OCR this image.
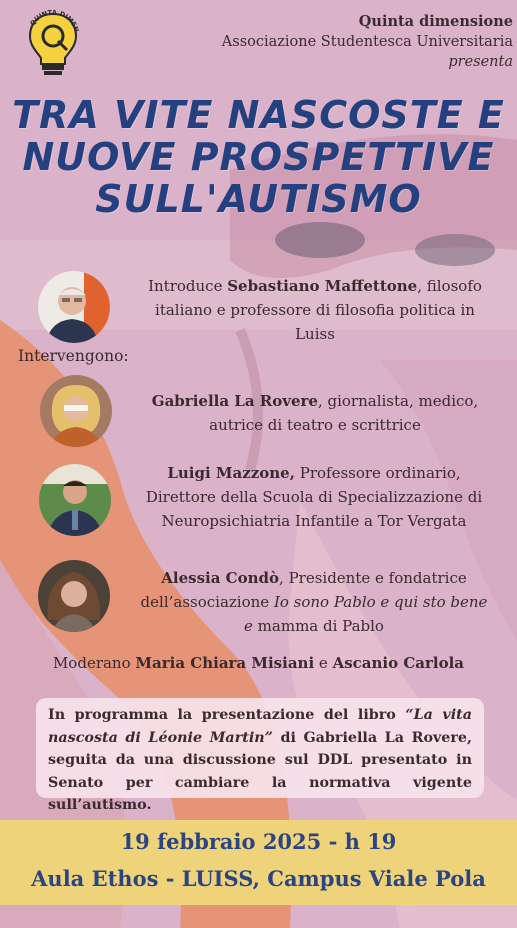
QUINTA DIMEN	Quinta dimensione
Associazione Studentesca Universitaria
presenta
TRA VITE NASCOSTE E
NUOVE PROSPETTIVE
SULL'AUTISMO
Introduce Sebastiano Maffettone, filosofo italiano e professore di filosofia politica in Luiss
Intervengono:
Gabriella La Rovere, giornalista, medico, autrice di teatro e scrittrice
Luigi Mazzone, Professore ordinario, Direttore della Scuola di Specializzazione di Neuropsichiatria Infantile a Tor Vergata
Alessia Condò, Presidente e fondatrice dell’associazione Io sono Pablo e qui sto bene e mamma di Pablo
Moderano Maria Chiara Misiani e Ascanio Carlola

In programma la presentazione del libro “La vita nascosta di Léonie Martin” di Gabriella La Rovere, seguita da una discussione sul DDL presentato in Senato per cambiare la normativa vigente sull’autismo.

19 febbraio 2025 - h 19
Aula Ethos - LUISS, Campus Viale Pola
